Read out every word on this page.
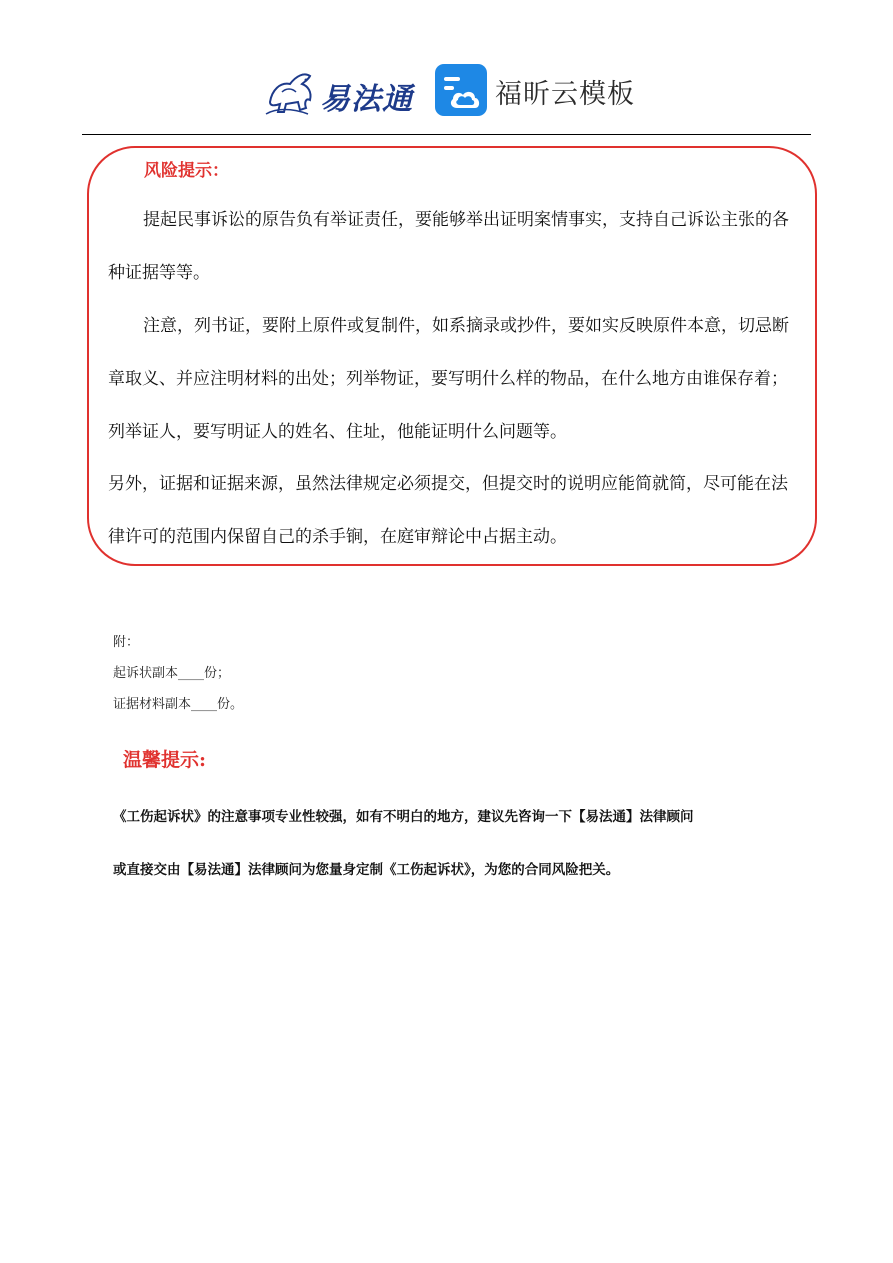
易法通	福昕云模板
风险提示：
提起民事诉讼的原告负有举证责任，要能够举出证明案情事实，支持自己诉讼主张的各
种证据等等。
注意，列书证，要附上原件或复制件，如系摘录或抄件，要如实反映原件本意，切忌断
章取义、并应注明材料的出处；列举物证，要写明什么样的物品，在什么地方由谁保存着；
列举证人，要写明证人的姓名、住址，他能证明什么问题等。
另外，证据和证据来源，虽然法律规定必须提交，但提交时的说明应能简就简，尽可能在法
律许可的范围内保留自己的杀手锏，在庭审辩论中占据主动。
附：
起诉状副本____份；
证据材料副本____份。
温馨提示:
《工伤起诉状》的注意事项专业性较强，如有不明白的地方，建议先咨询一下【易法通】法律顾问
或直接交由【易法通】法律顾问为您量身定制《工伤起诉状》，为您的合同风险把关。
